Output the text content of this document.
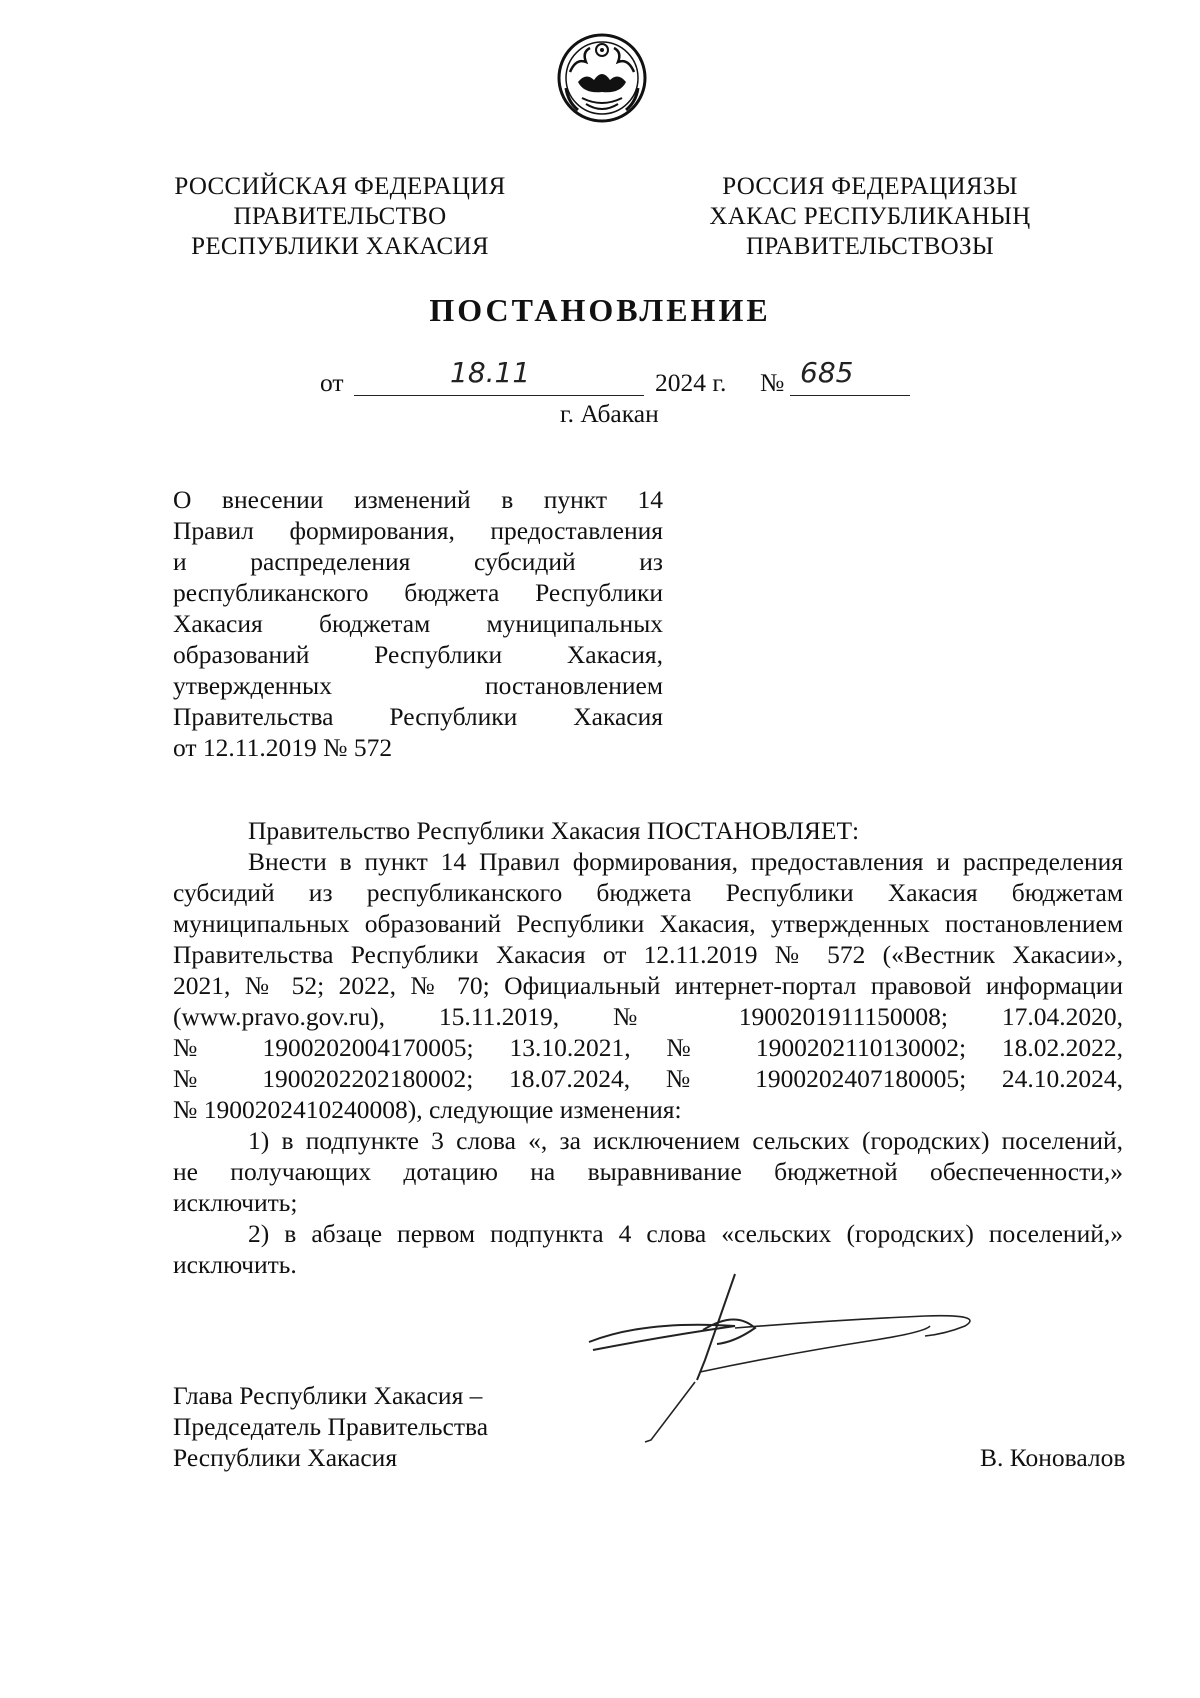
РОССИЙСКАЯ ФЕДЕРАЦИЯ
ПРАВИТЕЛЬСТВО
РЕСПУБЛИКИ ХАКАСИЯ
РОССИЯ ФЕДЕРАЦИЯЗЫ
ХАКАС РЕСПУБЛИКАНЫҢ
ПРАВИТЕЛЬСТВОЗЫ
ПОСТАНОВЛЕНИЕ
от	18.11	2024 г. № 685
г. Абакан
О внесении изменений в пункт 14
Правил формирования, предоставления
и распределения субсидий из
республиканского бюджета Республики
Хакасия бюджетам муниципальных
образований Республики Хакасия,
утвержденных постановлением
Правительства Республики Хакасия
от 12.11.2019 № 572
Правительство Республики Хакасия ПОСТАНОВЛЯЕТ:
Внести в пункт 14 Правил формирования, предоставления и распределения
субсидий из республиканского бюджета Республики Хакасия бюджетам
муниципальных образований Республики Хакасия, утвержденных постановлением
Правительства Республики Хакасия от 12.11.2019 № 572 («Вестник Хакасии»,
2021, № 52; 2022, № 70; Официальный интернет-портал правовой информации
(www.pravo.gov.ru), 15.11.2019, № 1900201911150008; 17.04.2020,
№ 1900202004170005; 13.10.2021, № 1900202110130002; 18.02.2022,
№ 1900202202180002; 18.07.2024, № 1900202407180005; 24.10.2024,
№ 1900202410240008), следующие изменения:
1) в подпункте 3 слова «, за исключением сельских (городских) поселений,
не получающих дотацию на выравнивание бюджетной обеспеченности,»
исключить;
2) в абзаце первом подпункта 4 слова «сельских (городских) поселений,»
исключить.
Глава Республики Хакасия –
Председатель Правительства
Республики Хакасия	В. Коновалов
